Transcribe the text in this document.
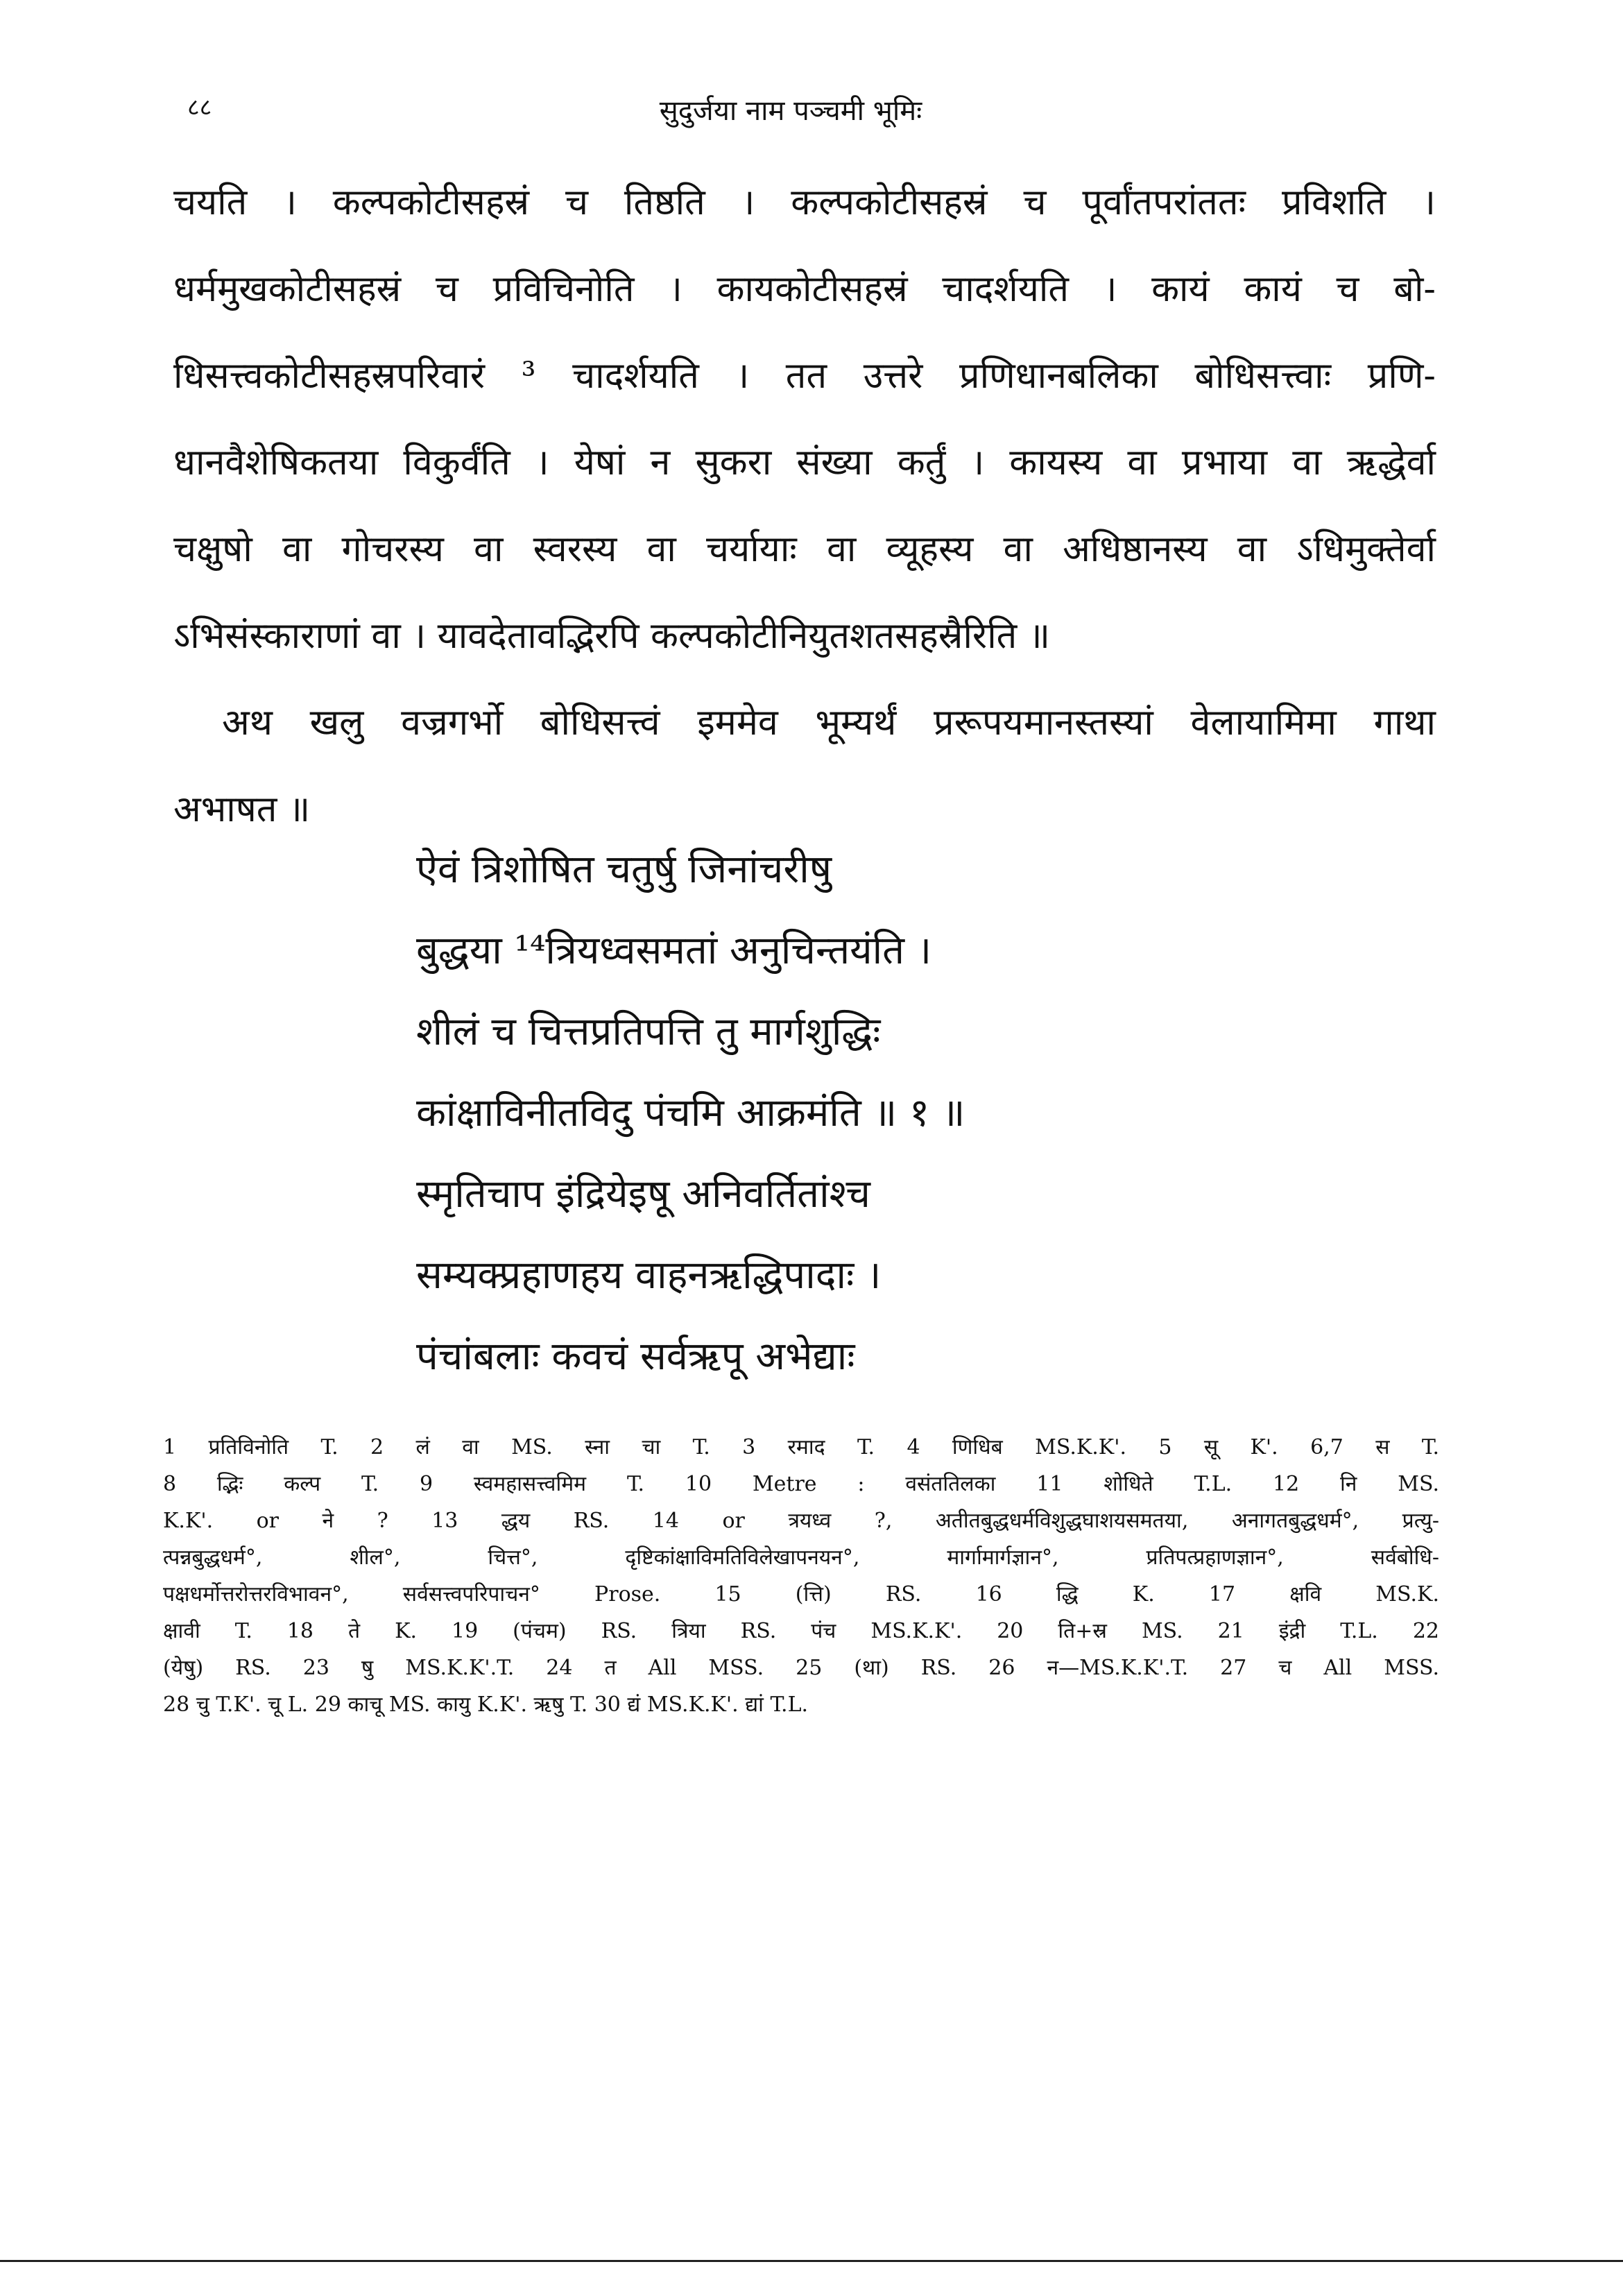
८८	सुदुर्जया नाम पञ्चमी भूमिः
चयति । कल्पकोटीसहस्रं च तिष्ठति । कल्पकोटीसहस्रं च पूर्वांतपरांततः प्रविशति ।
धर्ममुखकोटीसहस्रं च प्रविचिनोति । कायकोटीसहस्रं चादर्शयति । कायं कायं च बो-
धिसत्त्वकोटीसहस्रपरिवारं ³ चादर्शयति । तत उत्तरे प्रणिधानबलिका बोधिसत्त्वाः प्रणि-
धानवैशेषिकतया विकुर्वंति । येषां न सुकरा संख्या कर्तुं । कायस्य वा प्रभाया वा ऋद्धेर्वा
चक्षुषो वा गोचरस्य वा स्वरस्य वा चर्यायाः वा व्यूहस्य वा अधिष्ठानस्य वा ऽधिमुक्तेर्वा
ऽभिसंस्काराणां वा । यावदेतावद्भिरपि कल्पकोटीनियुतशतसहस्रैरिति ॥
अथ खलु वज्रगर्भो बोधिसत्त्वं इममेव भूम्यर्थं प्ररूपयमानस्तस्यां वेलायामिमा गाथा
अभाषत ॥
ऐवं त्रिशोषित चतुर्षु जिनांचरीषु
बुद्धया ¹⁴त्रियध्वसमतां अनुचिन्तयंति ।
शीलं च चित्तप्रतिपत्ति तु मार्गशुद्धिः
कांक्षाविनीतविदु पंचमि आक्रमंति ॥ १ ॥
स्मृतिचाप इंद्रियेइषू अनिवर्तितांश्च
सम्यक्प्रहाणहय वाहनऋद्धिपादाः ।
पंचांबलाः कवचं सर्वऋपू अभेद्याः
1 प्रतिविनोति T. 2 लं वा MS. स्ना चा T. 3 रमाद T. 4 णिधिब MS.K.K'. 5 सू K'. 6,7 स T.
8 द्भिः कल्प T. 9 स्वमहासत्त्वमिम T. 10 Metre : वसंततिलका 11 शोधिते T.L. 12 नि MS.
K.K'. or ने ? 13 द्धय RS. 14 or त्रयध्व ?, अतीतबुद्धधर्मविशुद्धघाशयसमतया, अनागतबुद्धधर्म°, प्रत्यु-
त्पन्नबुद्धधर्म°, शील°, चित्त°, दृष्टिकांक्षाविमतिविलेखापनयन°, मार्गामार्गज्ञान°, प्रतिपत्प्रहाणज्ञान°, सर्वबोधि-
पक्षधर्मोत्तरोत्तरविभावन°, सर्वसत्त्वपरिपाचन° Prose. 15 (त्ति) RS. 16 द्धि K. 17 क्षवि MS.K.
क्षावी T. 18 ते K. 19 (पंचम) RS. त्रिया RS. पंच MS.K.K'. 20 ति+स्र MS. 21 इंद्री T.L. 22
(येषु) RS. 23 षु MS.K.K'.T. 24 त All MSS. 25 (था) RS. 26 न—MS.K.K'.T. 27 च All MSS.
28 चु T.K'. चू L. 29 काचू MS. कायु K.K'. ऋषु T. 30 द्यं MS.K.K'. द्यां T.L.
